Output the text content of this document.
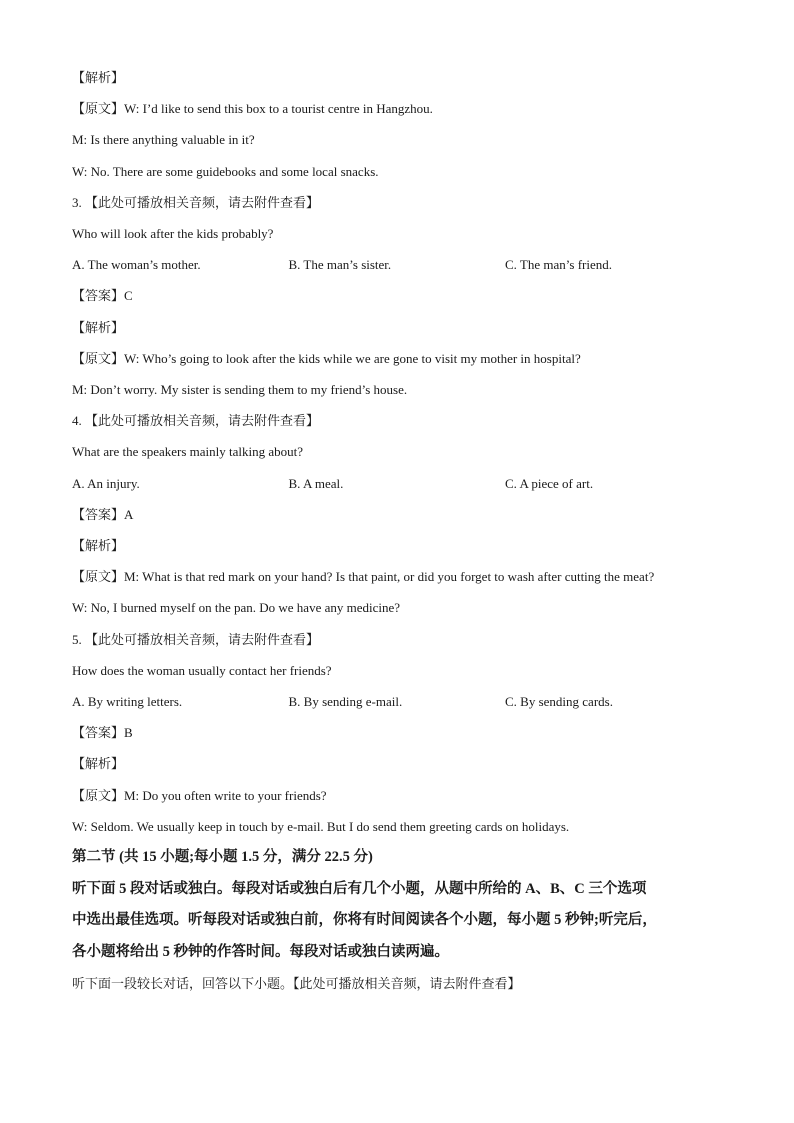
【解析】
【原文】W: I’d like to send this box to a tourist centre in Hangzhou.
M: Is there anything valuable in it?
W: No. There are some guidebooks and some local snacks.
3. 【此处可播放相关音频，请去附件查看】
Who will look after the kids probably?
A. The woman’s mother.	B. The man’s sister.	C. The man’s friend.
【答案】C
【解析】
【原文】W: Who’s going to look after the kids while we are gone to visit my mother in hospital?
M: Don’t worry. My sister is sending them to my friend’s house.
4. 【此处可播放相关音频，请去附件查看】
What are the speakers mainly talking about?
A. An injury.	B. A meal.	C. A piece of art.
【答案】A
【解析】
【原文】M: What is that red mark on your hand? Is that paint, or did you forget to wash after cutting the meat?
W: No, I burned myself on the pan. Do we have any medicine?
5. 【此处可播放相关音频，请去附件查看】
How does the woman usually contact her friends?
A. By writing letters.	B. By sending e-mail.	C. By sending cards.
【答案】B
【解析】
【原文】M: Do you often write to your friends?
W: Seldom. We usually keep in touch by e-mail. But I do send them greeting cards on holidays.
第二节 (共 15 小题;每小题 1.5 分，满分 22.5 分)
听下面 5 段对话或独白。每段对话或独白后有几个小题，从题中所给的 A、B、C 三个选项
中选出最佳选项。听每段对话或独白前，你将有时间阅读各个小题，每小题 5 秒钟;听完后，
各小题将给出 5 秒钟的作答时间。每段对话或独白读两遍。
听下面一段较长对话，回答以下小题。【此处可播放相关音频，请去附件查看】
